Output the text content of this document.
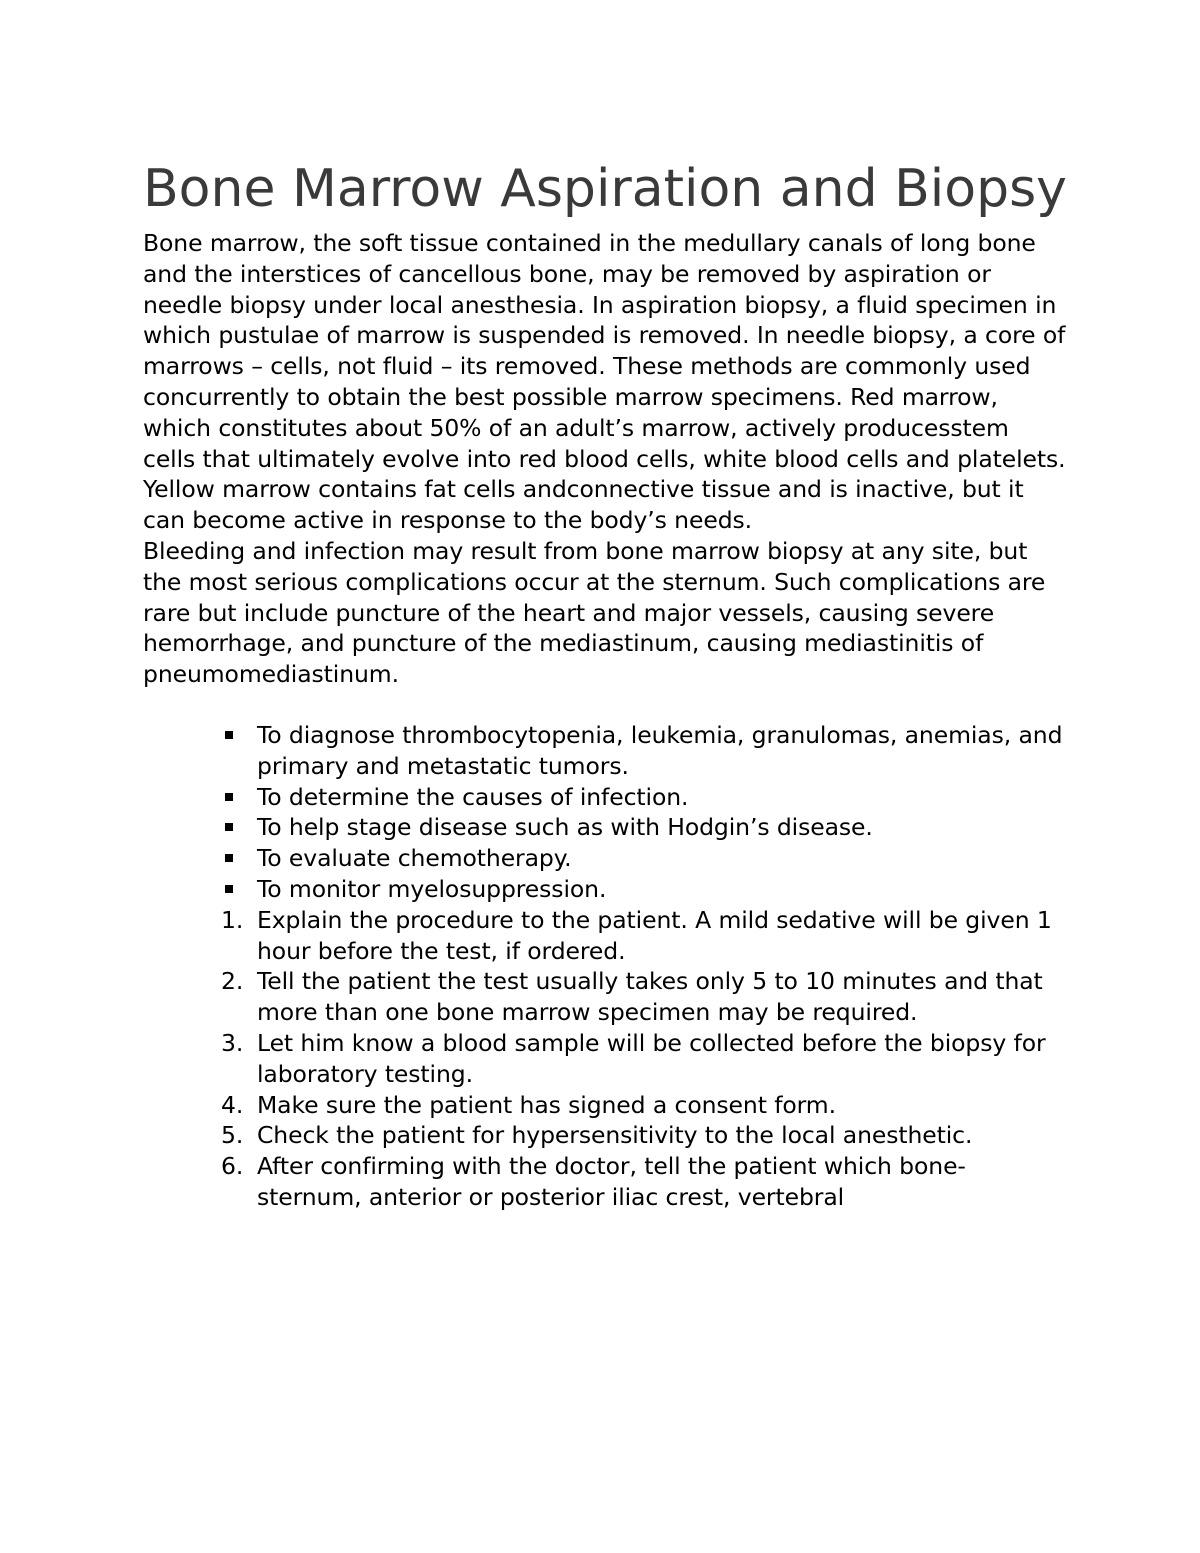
Bone Marrow Aspiration and Biopsy

Bone marrow, the soft tissue contained in the medullary canals of long bone and the interstices of cancellous bone, may be removed by aspiration or needle biopsy under local anesthesia. In aspiration biopsy, a fluid specimen in which pustulae of marrow is suspended is removed. In needle biopsy, a core of marrows – cells, not fluid – its removed. These methods are commonly used concurrently to obtain the best possible marrow specimens. Red marrow, which constitutes about 50% of an adult’s marrow, actively producesstem cells that ultimately evolve into red blood cells, white blood cells and platelets. Yellow marrow contains fat cells andconnective tissue and is inactive, but it can become active in response to the body’s needs.

Bleeding and infection may result from bone marrow biopsy at any site, but the most serious complications occur at the sternum. Such complications are rare but include puncture of the heart and major vessels, causing severe hemorrhage, and puncture of the mediastinum, causing mediastinitis of pneumomediastinum.

To diagnose thrombocytopenia, leukemia, granulomas, anemias, and primary and metastatic tumors.
To determine the causes of infection.
To help stage disease such as with Hodgin’s disease.
To evaluate chemotherapy.
To monitor myelosuppression.
1. Explain the procedure to the patient. A mild sedative will be given 1 hour before the test, if ordered.
2. Tell the patient the test usually takes only 5 to 10 minutes and that more than one bone marrow specimen may be required.
3. Let him know a blood sample will be collected before the biopsy for laboratory testing.
4. Make sure the patient has signed a consent form.
5. Check the patient for hypersensitivity to the local anesthetic.
6. After confirming with the doctor, tell the patient which bone- sternum, anterior or posterior iliac crest, vertebral
